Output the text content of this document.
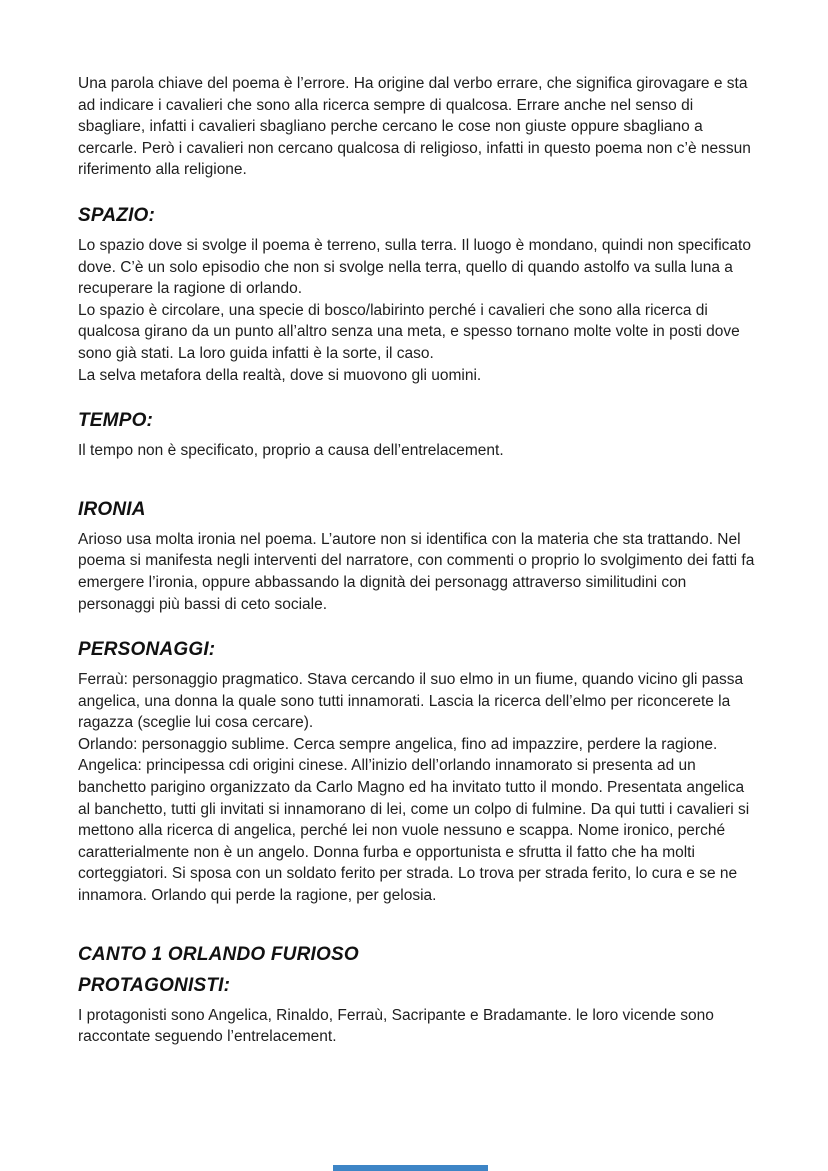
Una parola chiave del poema è l’errore. Ha origine dal verbo errare, che significa girovagare e sta ad indicare i cavalieri che sono alla ricerca sempre di qualcosa. Errare anche nel senso di sbagliare, infatti i cavalieri sbagliano perche cercano le cose non giuste oppure sbagliano a cercarle. Però i cavalieri non cercano qualcosa di religioso, infatti in questo poema non c’è nessun riferimento alla religione.

SPAZIO:

Lo spazio dove si svolge il poema è terreno, sulla terra. Il luogo è mondano, quindi non specificato dove. C’è un solo episodio che non si svolge nella terra, quello di quando astolfo va sulla luna a recuperare la ragione di orlando.

Lo spazio è circolare, una specie di bosco/labirinto perché i cavalieri che sono alla ricerca di qualcosa girano da un punto all’altro senza una meta, e spesso tornano molte volte in posti dove sono già stati. La loro guida infatti è la sorte, il caso.

La selva metafora della realtà, dove si muovono gli uomini.

TEMPO:

Il tempo non è specificato, proprio a causa dell’entrelacement.

IRONIA

Arioso usa molta ironia nel poema. L’autore non si identifica con la materia che sta trattando. Nel poema si manifesta negli interventi del narratore, con commenti o proprio lo svolgimento dei fatti fa emergere l’ironia, oppure abbassando la dignità dei personagg attraverso similitudini con personaggi più bassi di ceto sociale.

PERSONAGGI:

Ferraù: personaggio pragmatico. Stava cercando il suo elmo in un fiume, quando vicino gli passa angelica, una donna la quale sono tutti innamorati. Lascia la ricerca dell’elmo per riconcerete la ragazza (sceglie lui cosa cercare).

Orlando: personaggio sublime. Cerca sempre angelica, fino ad impazzire, perdere la ragione.

Angelica: principessa cdi origini cinese. All’inizio dell’orlando innamorato si presenta ad un banchetto parigino organizzato da Carlo Magno ed ha invitato tutto il mondo. Presentata angelica al banchetto, tutti gli invitati si innamorano di lei, come un colpo di fulmine. Da qui tutti i cavalieri si mettono alla ricerca di angelica, perché lei non vuole nessuno e scappa. Nome ironico, perché caratterialmente non è un angelo. Donna furba e opportunista e sfrutta il fatto che ha molti corteggiatori. Si sposa con un soldato ferito per strada. Lo trova per strada ferito, lo cura e se ne innamora. Orlando qui perde la ragione, per gelosia.

CANTO 1 ORLANDO FURIOSO
PROTAGONISTI:

I protagonisti sono Angelica, Rinaldo, Ferraù, Sacripante e Bradamante. le loro vicende sono raccontate seguendo l’entrelacement.
